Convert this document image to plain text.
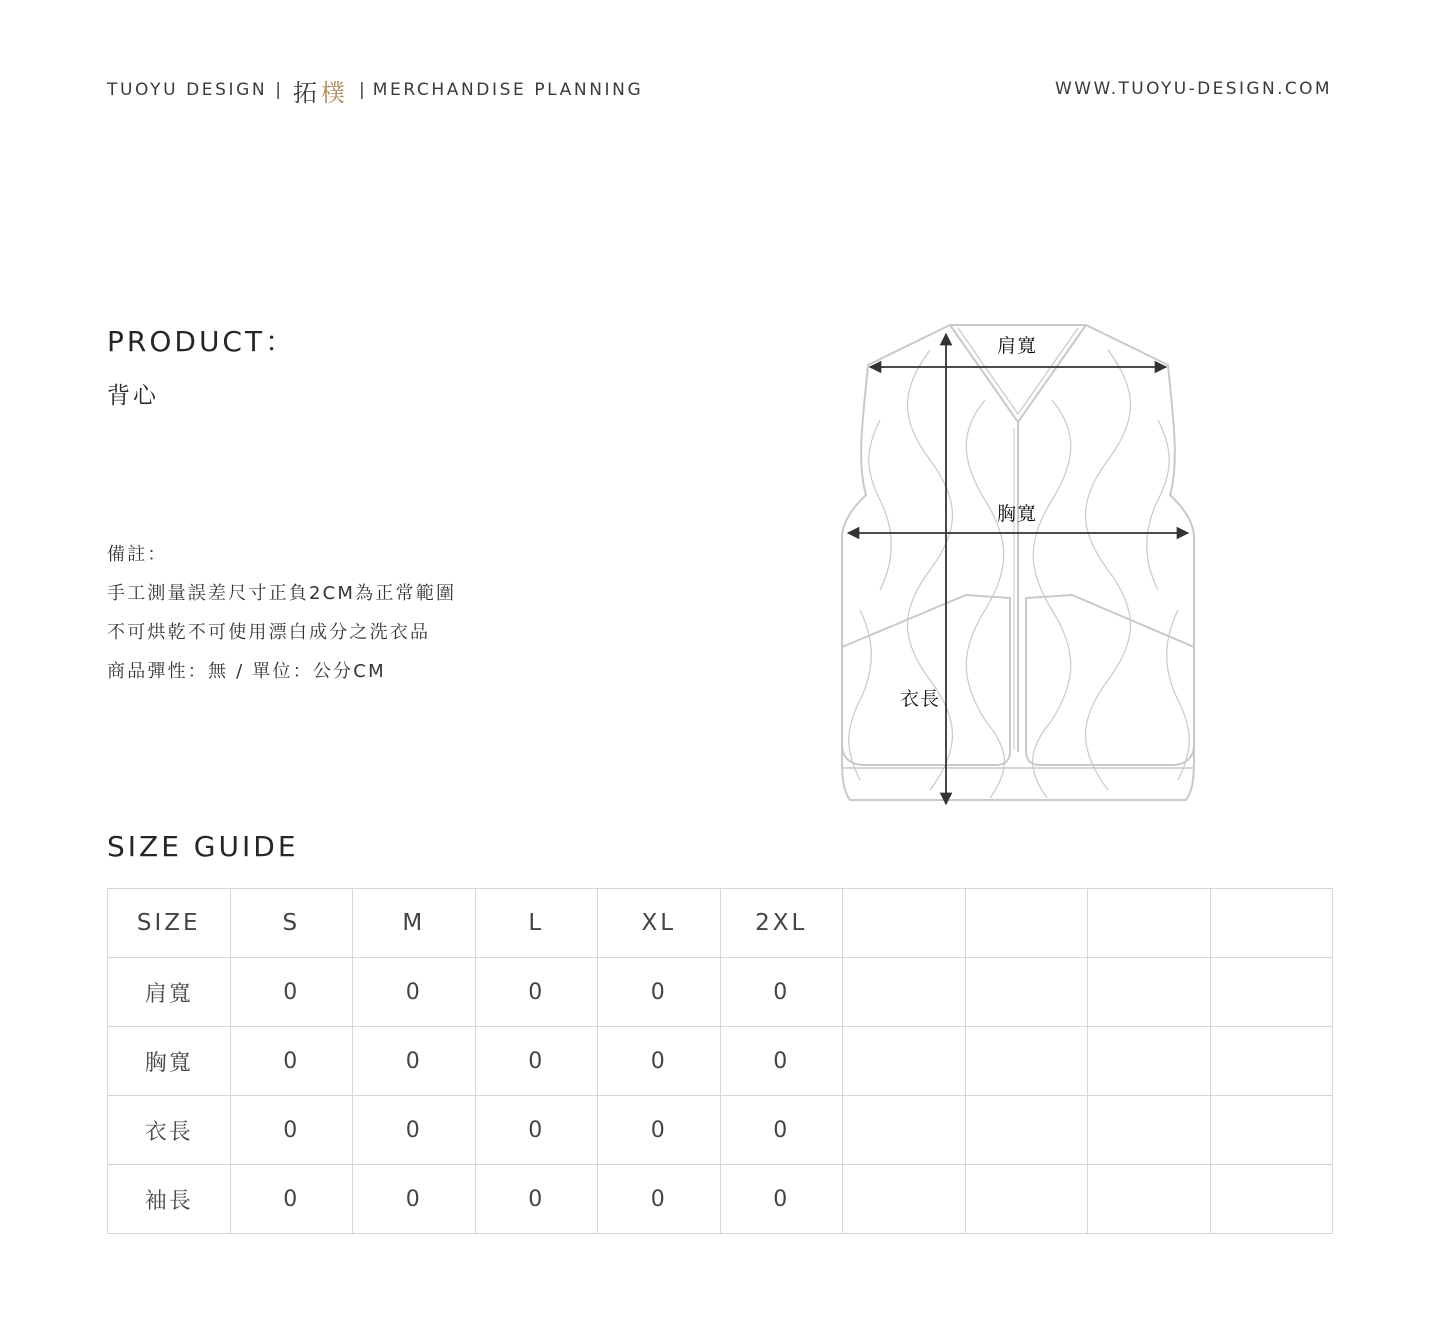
TUOYU DESIGN | 拓樸 | MERCHANDISE PLANNING	WWW.TUOYU-DESIGN.COM
PRODUCT：
背心
備註：
手工測量誤差尺寸正負2CM為正常範圍
不可烘乾不可使用漂白成分之洗衣品
商品彈性：無 / 單位：公分CM
肩寬
胸寬
衣長
SIZE GUIDE
SIZE	S	M	L	XL	2XL				
肩寬	0	0	0	0	0				
胸寬	0	0	0	0	0				
衣長	0	0	0	0	0				
袖長	0	0	0	0	0				
